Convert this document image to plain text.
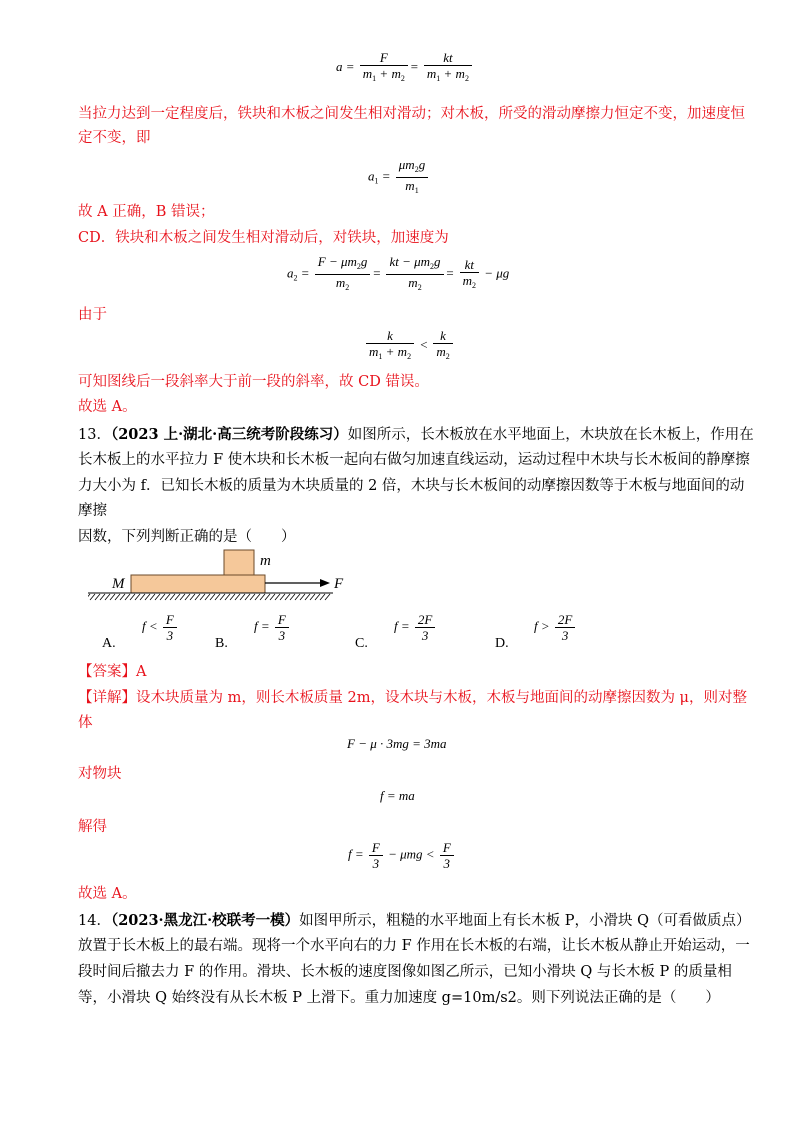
$a = \frac{F}{m_1 + m_2} = \frac{kt}{m_1 + m_2}$
当拉力达到一定程度后，铁块和木板之间发生相对滑动；对木板，所受的滑动摩擦力恒定不变，加速度恒
定不变，即
$a_1 = \frac{\mu m_2g}{m_1}$
故 A 正确，B 错误；
CD．铁块和木板之间发生相对滑动后，对铁块，加速度为
$a_2 = \frac{F - \mu m_2g}{m_2} = \frac{kt - \mu m_2g}{m_2} = \frac{kt}{m_2} - \mu g$
由于
$\frac{k}{m_1 + m_2} < \frac{k}{m_2}$
可知图线后一段斜率大于前一段的斜率，故 CD 错误。
故选 A。
13．（2023 上·湖北·高三统考阶段练习）如图所示，长木板放在水平地面上，木块放在长木板上，作用在
长木板上的水平拉力 F 使木块和长木板一起向右做匀加速直线运动，运动过程中木块与长木板间的静摩擦
力大小为 f．已知长木板的质量为木块质量的 2 倍，木块与长木板间的动摩擦因数等于木板与地面间的动
摩擦
因数，下列判断正确的是（　　）
M
m
F
A.
$f < \frac{F}{3}$
B.
$f = \frac{F}{3}$
C.
$f = \frac{2F}{3}$
D.
$f > \frac{2F}{3}$
【答案】A
【详解】设木块质量为 m，则长木板质量 2m，设木块与木板，木板与地面间的动摩擦因数为 μ，则对整
体
F − μ · 3mg = 3ma
对物块
f = ma
解得
$f = \frac{F}{3} - \mu mg < \frac{F}{3}$
故选 A。
14．（2023·黑龙江·校联考一模）如图甲所示，粗糙的水平地面上有长木板 P，小滑块 Q（可看做质点）
放置于长木板上的最右端。现将一个水平向右的力 F 作用在长木板的右端，让长木板从静止开始运动，一
段时间后撤去力 F 的作用。滑块、长木板的速度图像如图乙所示，已知小滑块 Q 与长木板 P 的质量相
等，小滑块 Q 始终没有从长木板 P 上滑下。重力加速度 g=10m/s2。则下列说法正确的是（　　）
